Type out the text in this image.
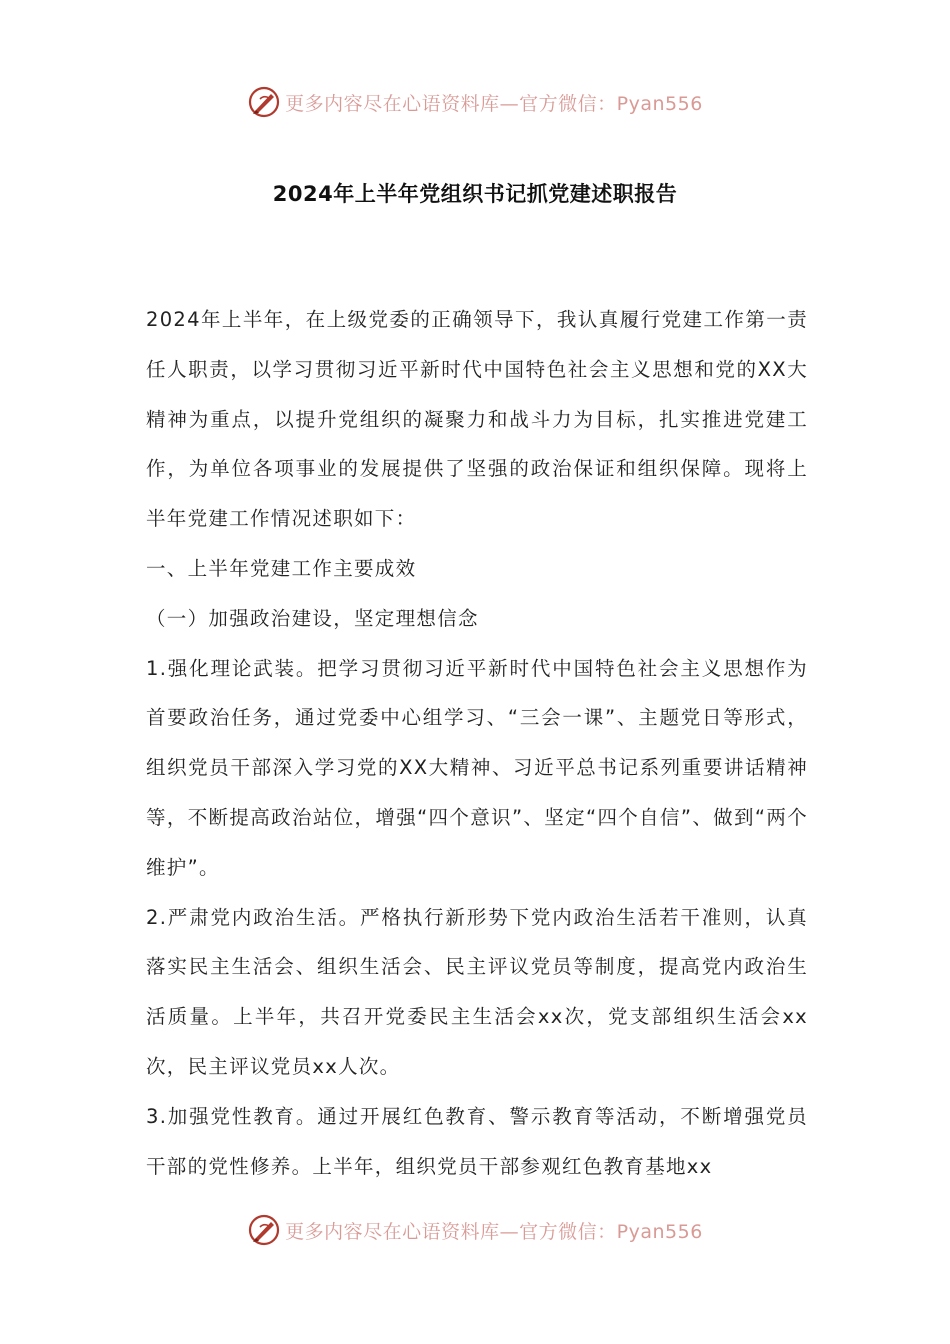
更多内容尽在心语资料库—官方微信：Pyan556
2024年上半年党组织书记抓党建述职报告

2024年上半年，在上级党委的正确领导下，我认真履行党建工作第一责任人职责，以学习贯彻习近平新时代中国特色社会主义思想和党的XX大精神为重点，以提升党组织的凝聚力和战斗力为目标，扎实推进党建工作，为单位各项事业的发展提供了坚强的政治保证和组织保障。现将上半年党建工作情况述职如下：

一、上半年党建工作主要成效

（一）加强政治建设，坚定理想信念

1.强化理论武装。把学习贯彻习近平新时代中国特色社会主义思想作为首要政治任务，通过党委中心组学习、“三会一课”、主题党日等形式，组织党员干部深入学习党的XX大精神、习近平总书记系列重要讲话精神等，不断提高政治站位，增强“四个意识”、坚定“四个自信”、做到“两个维护”。

2.严肃党内政治生活。严格执行新形势下党内政治生活若干准则，认真落实民主生活会、组织生活会、民主评议党员等制度，提高党内政治生活质量。上半年，共召开党委民主生活会xx次，党支部组织生活会xx次，民主评议党员xx人次。

3.加强党性教育。通过开展红色教育、警示教育等活动，不断增强党员干部的党性修养。上半年，组织党员干部参观红色教育基地xx

更多内容尽在心语资料库—官方微信：Pyan556
